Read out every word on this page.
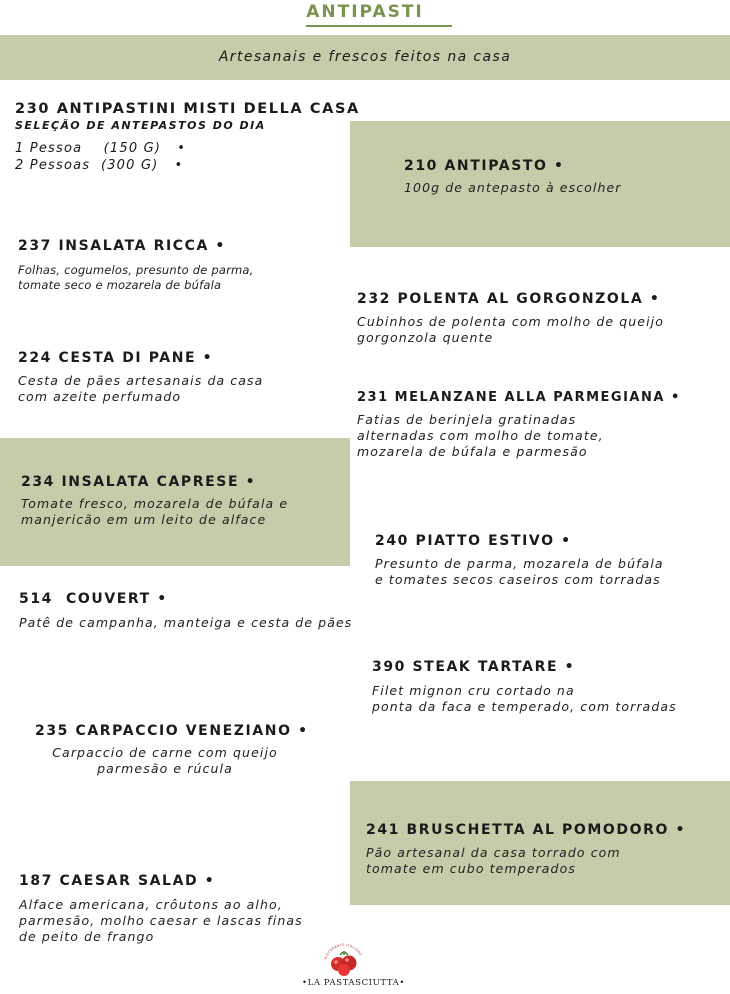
ANTIPASTI
Artesanais e frescos feitos na casa
230 ANTIPASTINI MISTI DELLA CASA
SELEÇÃO DE ANTEPASTOS DO DIA
1 Pessoa    (150 G)   •
2 Pessoas  (300 G)   •	210 ANTIPASTO •
100g de antepasto à escolher
237 INSALATA RICCA •
Folhas, cogumelos, presunto de parma,
tomate seco e mozarela de búfala
232 POLENTA AL GORGONZOLA •
Cubinhos de polenta com molho de queijo
gorgonzola quente
224 CESTA DI PANE •
Cesta de pães artesanais da casa
com azeite perfumado	231 MELANZANE ALLA PARMEGIANA •
Fatias de berinjela gratinadas
alternadas com molho de tomate,
mozarela de búfala e parmesão
234 INSALATA CAPRESE •
Tomate fresco, mozarela de búfala e
manjericão em um leito de alface
240 PIATTO ESTIVO •
Presunto de parma, mozarela de búfala
e tomates secos caseiros com torradas
514  COUVERT •
Patê de campanha, manteiga e cesta de pães
390 STEAK TARTARE •
Filet mignon cru cortado na
ponta da faca e temperado, com torradas
235 CARPACCIO VENEZIANO •
Carpaccio de carne com queijo
parmesão e rúcula
241 BRUSCHETTA AL POMODORO •
Pão artesanal da casa torrado com
tomate em cubo temperados
187 CAESAR SALAD •
Alface americana, crôutons ao alho,
parmesão, molho caesar e lascas finas
de peito de frango
RISTORANTE ITALIANO
•LA PASTASCIUTTA•
